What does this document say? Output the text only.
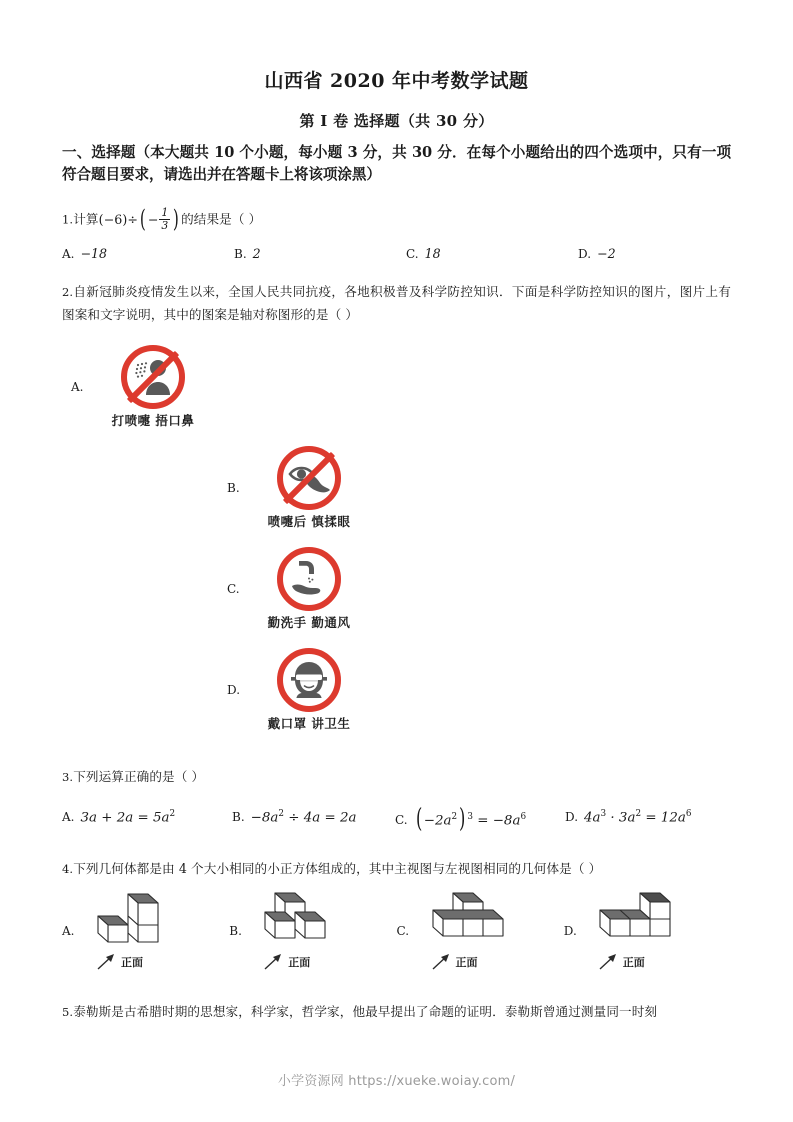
山西省 2020 年中考数学试题
第 I 卷 选择题（共 30 分）

一、选择题（本大题共 10 个小题，每小题 3 分，共 30 分．在每个小题给出的四个选项中，只有一项符合题目要求，请选出并在答题卡上将该项涂黑）

1.计算$(-6)\div( - \frac{1}{3}$ ) 的结果是（ ）

A. −18	B. 2	C. 18	D. −2

2.自新冠肺炎疫情发生以来，全国人民共同抗疫，各地积极普及科学防控知识．下面是科学防控知识的图片，图片上有图案和文字说明，其中的图案是轴对称图形的是（ ）

A.
打喷嚏 捂口鼻
B.
喷嚏后 慎揉眼
C.
勤洗手 勤通风
D.
戴口罩 讲卫生

3.下列运算正确的是（ ）

A. $3a + 2a = 5a^2$	B. $-8a^2 \div 4a = 2a$	C. ( $-2a^2$) $^3 = -8a^6$	D. $4a^3 \cdot 3a^2 = 12a^6$

4.下列几何体都是由 4 个大小相同的小正方体组成的，其中主视图与左视图相同的几何体是（ ）

A.
正面
B.
正面
C.
正面
D.
正面

5.泰勒斯是古希腊时期的思想家，科学家，哲学家，他最早提出了命题的证明．泰勒斯曾通过测量同一时刻

小学资源网 https://xueke.woiay.com/
